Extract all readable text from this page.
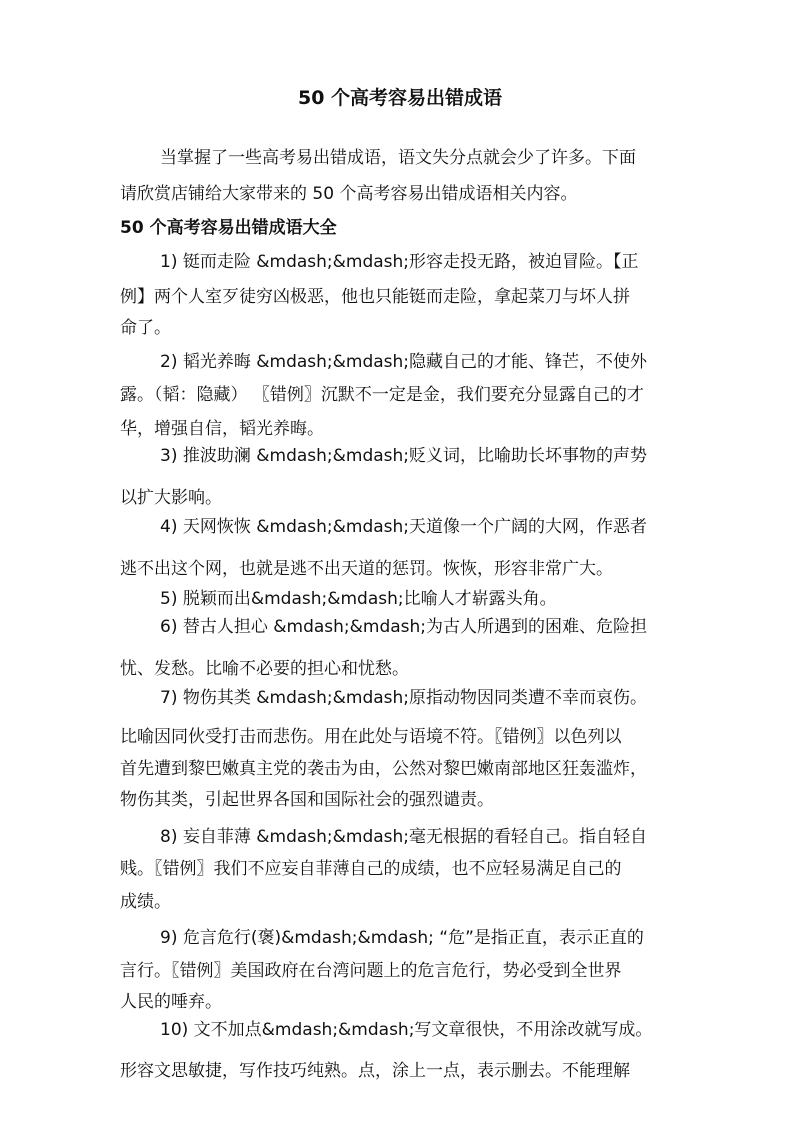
50 个高考容易出错成语
当掌握了一些高考易出错成语，语文失分点就会少了许多。下面
请欣赏店铺给大家带来的 50 个高考容易出错成语相关内容。
50 个高考容易出错成语大全
1) 铤而走险 &mdash;&mdash;形容走投无路，被迫冒险。【正
例】两个人室歹徒穷凶极恶，他也只能铤而走险，拿起菜刀与坏人拼
命了。
2) 韬光养晦 &mdash;&mdash;隐藏自己的才能、锋芒，不使外
露。（韬：隐藏） 〖错例〗沉默不一定是金，我们要充分显露自己的才
华，增强自信，韬光养晦。
3) 推波助澜 &mdash;&mdash;贬义词，比喻助长坏事物的声势
以扩大影响。
4) 天网恢恢 &mdash;&mdash;天道像一个广阔的大网，作恶者
逃不出这个网，也就是逃不出天道的惩罚。恢恢，形容非常广大。
5) 脱颖而出&mdash;&mdash;比喻人才崭露头角。
6) 替古人担心 &mdash;&mdash;为古人所遇到的困难、危险担
忧、发愁。比喻不必要的担心和忧愁。
7) 物伤其类 &mdash;&mdash;原指动物因同类遭不幸而哀伤。
比喻因同伙受打击而悲伤。用在此处与语境不符。〖错例〗以色列以
首先遭到黎巴嫩真主党的袭击为由，公然对黎巴嫩南部地区狂轰滥炸，
物伤其类，引起世界各国和国际社会的强烈谴责。
8) 妄自菲薄 &mdash;&mdash;毫无根据的看轻自己。指自轻自
贱。〖错例〗我们不应妄自菲薄自己的成绩，也不应轻易满足自己的
成绩。
9) 危言危行(褒)&mdash;&mdash; “危”是指正直，表示正直的
言行。〖错例〗美国政府在台湾问题上的危言危行，势必受到全世界
人民的唾弃。
10) 文不加点&mdash;&mdash;写文章很快，不用涂改就写成。
形容文思敏捷，写作技巧纯熟。点，涂上一点，表示删去。不能理解
